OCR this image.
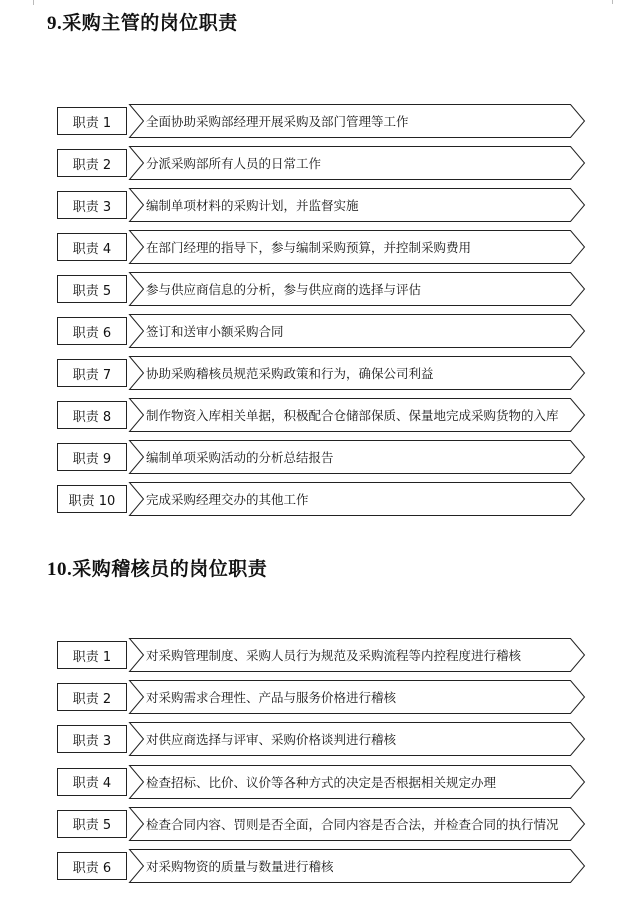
9.采购主管的岗位职责
职责 1	全面协助采购部经理开展采购及部门管理等工作
职责 2	分派采购部所有人员的日常工作
职责 3	编制单项材料的采购计划，并监督实施
职责 4	在部门经理的指导下，参与编制采购预算，并控制采购费用
职责 5	参与供应商信息的分析，参与供应商的选择与评估
职责 6	签订和送审小额采购合同
职责 7	协助采购稽核员规范采购政策和行为，确保公司利益
职责 8	制作物资入库相关单据，积极配合仓储部保质、保量地完成采购货物的入库
职责 9	编制单项采购活动的分析总结报告
职责 10	完成采购经理交办的其他工作
10.采购稽核员的岗位职责
职责 1	对采购管理制度、采购人员行为规范及采购流程等内控程度进行稽核
职责 2	对采购需求合理性、产品与服务价格进行稽核
职责 3	对供应商选择与评审、采购价格谈判进行稽核
职责 4	检查招标、比价、议价等各种方式的决定是否根据相关规定办理
职责 5	检查合同内容、罚则是否全面，合同内容是否合法，并检查合同的执行情况
职责 6	对采购物资的质量与数量进行稽核
